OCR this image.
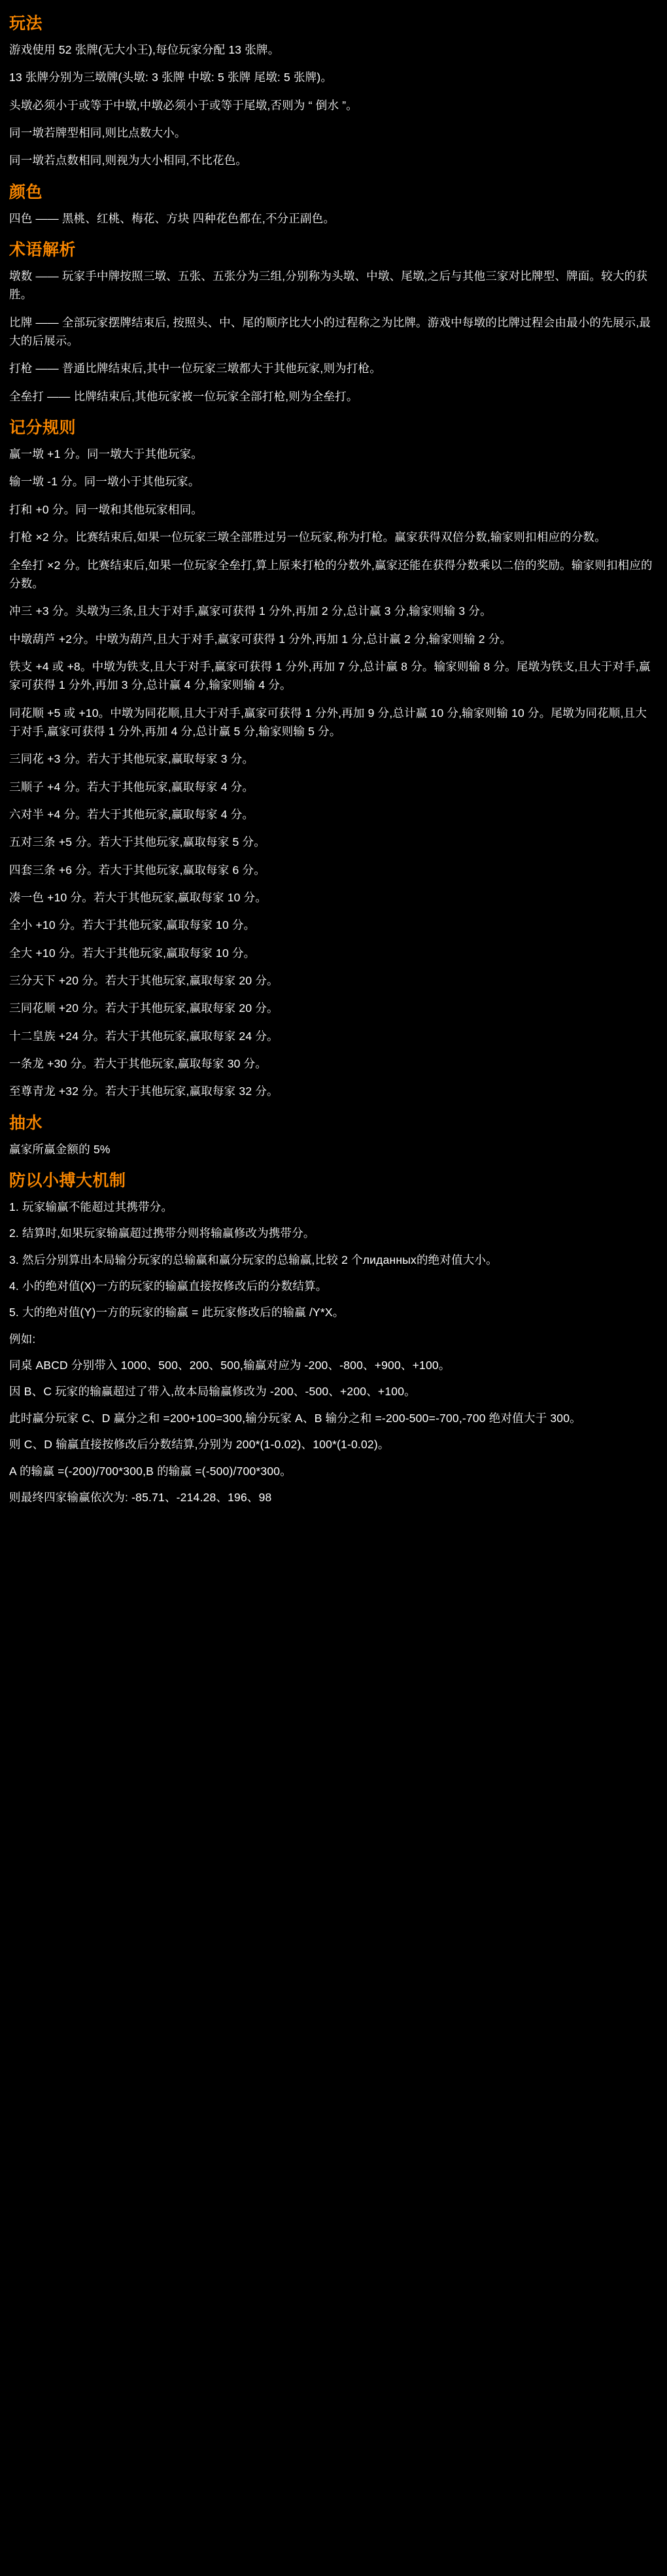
玩法

游戏使用 52 张牌(无大小王),每位玩家分配 13 张牌。

13 张牌分别为三墩牌(头墩: 3 张牌 中墩: 5 张牌 尾墩: 5 张牌)。

头墩必须小于或等于中墩,中墩必须小于或等于尾墩,否则为 “ 倒水 ”。

同一墩若牌型相同,则比点数大小。

同一墩若点数相同,则视为大小相同,不比花色。

颜色

四色 —— 黑桃、红桃、梅花、方块 四种花色都在,不分正副色。

术语解析

墩数 —— 玩家手中牌按照三墩、五张、五张分为三组,分别称为头墩、中墩、尾墩,之后与其他三家对比牌型、牌面。较大的获胜。

比牌 —— 全部玩家摆牌结束后, 按照头、中、尾的顺序比大小的过程称之为比牌。游戏中每墩的比牌过程会由最小的先展示,最大的后展示。

打枪 —— 普通比牌结束后,其中一位玩家三墩都大于其他玩家,则为打枪。

全垒打 —— 比牌结束后,其他玩家被一位玩家全部打枪,则为全垒打。

记分规则

赢一墩 +1 分。同一墩大于其他玩家。

输一墩 -1 分。同一墩小于其他玩家。

打和 +0 分。同一墩和其他玩家相同。

打枪 ×2 分。比赛结束后,如果一位玩家三墩全部胜过另一位玩家,称为打枪。赢家获得双倍分数,输家则扣相应的分数。

全垒打 ×2 分。比赛结束后,如果一位玩家全垒打,算上原来打枪的分数外,赢家还能在获得分数乘以二倍的奖励。输家则扣相应的分数。

冲三 +3 分。头墩为三条,且大于对手,赢家可获得 1 分外,再加 2 分,总计赢 3 分,输家则输 3 分。

中墩葫芦 +2分。中墩为葫芦,且大于对手,赢家可获得 1 分外,再加 1 分,总计赢 2 分,输家则输 2 分。

铁支 +4 或 +8。中墩为铁支,且大于对手,赢家可获得 1 分外,再加 7 分,总计赢 8 分。输家则输 8 分。尾墩为铁支,且大于对手,赢家可获得 1 分外,再加 3 分,总计赢 4 分,输家则输 4 分。

同花顺 +5 或 +10。中墩为同花顺,且大于对手,赢家可获得 1 分外,再加 9 分,总计赢 10 分,输家则输 10 分。尾墩为同花顺,且大于对手,赢家可获得 1 分外,再加 4 分,总计赢 5 分,输家则输 5 分。

三同花 +3 分。若大于其他玩家,赢取每家 3 分。

三顺子 +4 分。若大于其他玩家,赢取每家 4 分。

六对半 +4 分。若大于其他玩家,赢取每家 4 分。

五对三条 +5 分。若大于其他玩家,赢取每家 5 分。

四套三条 +6 分。若大于其他玩家,赢取每家 6 分。

凑一色 +10 分。若大于其他玩家,赢取每家 10 分。

全小 +10 分。若大于其他玩家,赢取每家 10 分。

全大 +10 分。若大于其他玩家,赢取每家 10 分。

三分天下 +20 分。若大于其他玩家,赢取每家 20 分。

三同花顺 +20 分。若大于其他玩家,赢取每家 20 分。

十二皇族 +24 分。若大于其他玩家,赢取每家 24 分。

一条龙 +30 分。若大于其他玩家,赢取每家 30 分。

至尊青龙 +32 分。若大于其他玩家,赢取每家 32 分。

抽水

赢家所赢金额的 5%

防以小搏大机制

1. 玩家输赢不能超过其携带分。

2. 结算时,如果玩家输赢超过携带分则将输赢修改为携带分。

3. 然后分别算出本局输分玩家的总输赢和赢分玩家的总输赢,比较 2 个лиданных的绝对值大小。

4. 小的绝对值(X)一方的玩家的输赢直接按修改后的分数结算。

5. 大的绝对值(Y)一方的玩家的输赢 = 此玩家修改后的输赢 /Y*X。

例如:

同桌 ABCD 分别带入 1000、500、200、500,输赢对应为 -200、-800、+900、+100。

因 B、C 玩家的输赢超过了带入,故本局输赢修改为 -200、-500、+200、+100。

此时赢分玩家 C、D 赢分之和 =200+100=300,输分玩家 A、B 输分之和 =-200-500=-700,-700 绝对值大于 300。

则 C、D 输赢直接按修改后分数结算,分别为 200*(1-0.02)、100*(1-0.02)。

A 的输赢 =(-200)/700*300,B 的输赢 =(-500)/700*300。

则最终四家输赢依次为: -85.71、-214.28、196、98
